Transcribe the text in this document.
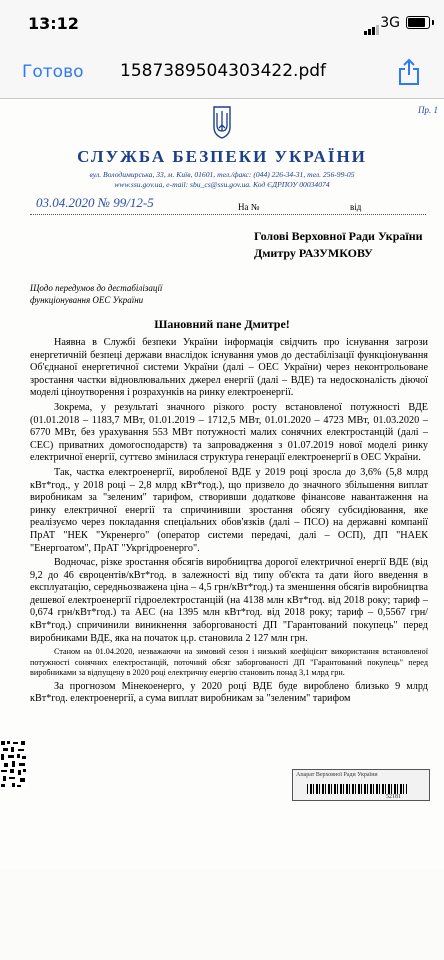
13:12	3G
Готово 1587389504303422.pdf
Пр. 1
СЛУЖБА БЕЗПЕКИ УКРАЇНИ
вул. Володимирська, 33, м. Київ, 01601, тел./факс: (044) 226-34-31, тел. 256-99-05
www.ssu.gov.ua, e-mail: sbu_cs@ssu.gov.ua. Код ЄДРПОУ 00034074
03.04.2020 № 99/12-5	На №	від
Голові Верховної Ради України
Дмитру РАЗУМКОВУ
Щодо передумов до дестабілізації
функціонування ОЕС України
Шановний пане Дмитре!

Наявна в Службі безпеки України інформація свідчить про існування загрози енергетичній безпеці держави внаслідок існування умов до дестабілізації функціонування Об'єднаної енергетичної системи України (далі – ОЕС України) через неконтрольоване зростання частки відновлювальних джерел енергії (далі – ВДЕ) та недосконалість діючої моделі ціноутворення і розрахунків на ринку електроенергії.

Зокрема, у результаті значного різкого росту встановленої потужності ВДЕ (01.01.2018 – 1183,7 МВт, 01.01.2019 – 1712,5 МВт, 01.01.2020 – 4723 МВт, 01.03.2020 – 6770 МВт, без урахування 553 МВт потужності малих сонячних електростанцій (далі – СЕС) приватних домогосподарств) та запровадження з 01.07.2019 нової моделі ринку електричної енергії, суттєво змінилася структура генерації електроенергії в ОЕС України.

Так, частка електроенергії, виробленої ВДЕ у 2019 році зросла до 3,6% (5,8 млрд кВт*год., у 2018 році – 2,8 млрд кВт*год.), що призвело до значного збільшення виплат виробникам за "зеленим" тарифом, створивши додаткове фінансове навантаження на ринку електричної енергії та спричинивши зростання обсягу субсидіювання, яке реалізуємо через покладання спеціальних обов'язків (далі – ПСО) на державні компанії ПрАТ "НЕК "Укренерго" (оператор системи передачі, далі – ОСП), ДП "НАЕК "Енергоатом", ПрАТ "Укргідроенерго".

Водночас, різке зростання обсягів виробництва дорогої електричної енергії ВДЕ (від 9,2 до 46 євроцентів/кВт*год. в залежності від типу об'єкта та дати його введення в експлуатацію, середньозважена ціна – 4,5 грн/кВт*год.) та зменшення обсягів виробництва дешевої електроенергії гідроелектростанцій (на 4138 млн кВт*год. від 2018 року; тариф – 0,674 грн/кВт*год.) та АЕС (на 1395 млн кВт*год. від 2018 року; тариф – 0,5567 грн/кВт*год.) спричинили виникнення заборгованості ДП "Гарантований покупець" перед виробниками ВДЕ, яка на початок ц.р. становила 2 127 млн грн.

Станом на 01.04.2020, незважаючи на зимовий сезон і низький коефіцієнт використання встановленої потужності сонячних електростанцій, поточний обсяг заборгованості ДП "Гарантований покупець" перед виробниками за відпущену в 2020 році електричну енергію становить понад 3,1 млрд грн.

За прогнозом Мінекоенерго, у 2020 році ВДЕ буде вироблено близько 9 млрд кВт*год. електроенергії, а сума виплат виробникам за "зеленим" тарифом

Апарат Верховної Ради України
52181
